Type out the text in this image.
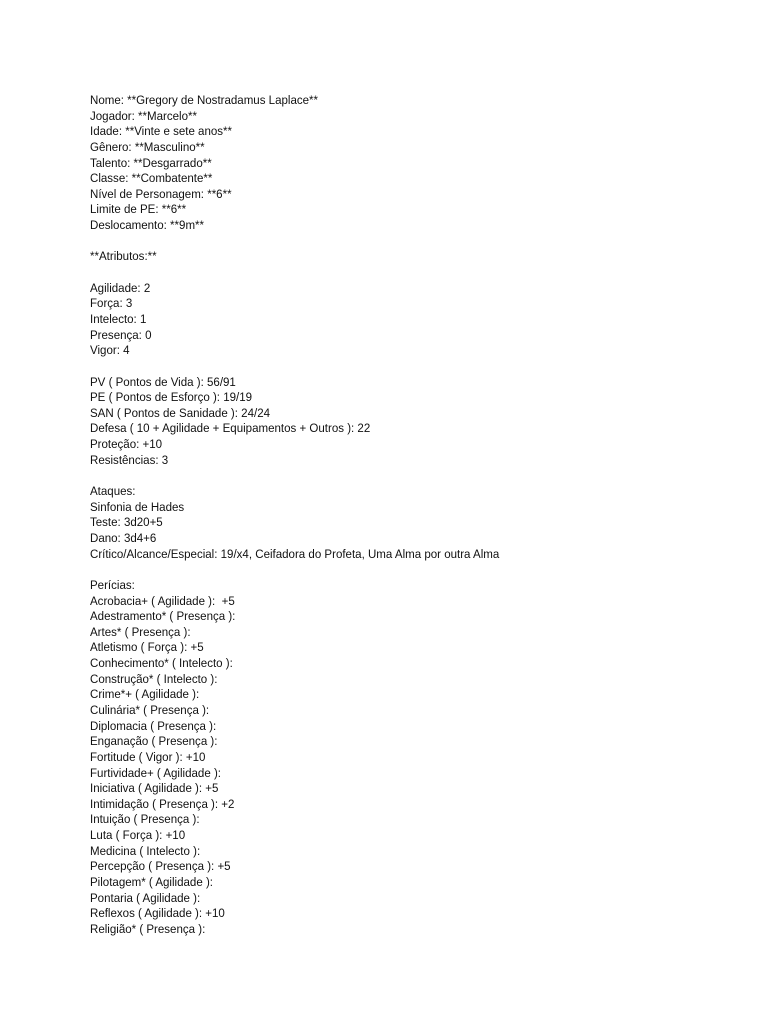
Nome: **Gregory de Nostradamus Laplace**
Jogador: **Marcelo**
Idade: **Vinte e sete anos**
Gênero: **Masculino**
Talento: **Desgarrado**
Classe: **Combatente**
Nível de Personagem: **6**
Limite de PE: **6**
Deslocamento: **9m**
**Atributos:**
Agilidade: 2
Força: 3
Intelecto: 1
Presença: 0
Vigor: 4
PV ( Pontos de Vida ): 56/91
PE ( Pontos de Esforço ): 19/19
SAN ( Pontos de Sanidade ): 24/24
Defesa ( 10 + Agilidade + Equipamentos + Outros ): 22
Proteção: +10
Resistências: 3
Ataques:
Sinfonia de Hades
Teste: 3d20+5
Dano: 3d4+6
Crítico/Alcance/Especial: 19/x4, Ceifadora do Profeta, Uma Alma por outra Alma
Perícias:
Acrobacia+ ( Agilidade ):  +5
Adestramento* ( Presença ):
Artes* ( Presença ):
Atletismo ( Força ): +5
Conhecimento* ( Intelecto ):
Construção* ( Intelecto ):
Crime*+ ( Agilidade ):
Culinária* ( Presença ):
Diplomacia ( Presença ):
Enganação ( Presença ):
Fortitude ( Vigor ): +10
Furtividade+ ( Agilidade ):
Iniciativa ( Agilidade ): +5
Intimidação ( Presença ): +2
Intuição ( Presença ):
Luta ( Força ): +10
Medicina ( Intelecto ):
Percepção ( Presença ): +5
Pilotagem* ( Agilidade ):
Pontaria ( Agilidade ):
Reflexos ( Agilidade ): +10
Religião* ( Presença ):
